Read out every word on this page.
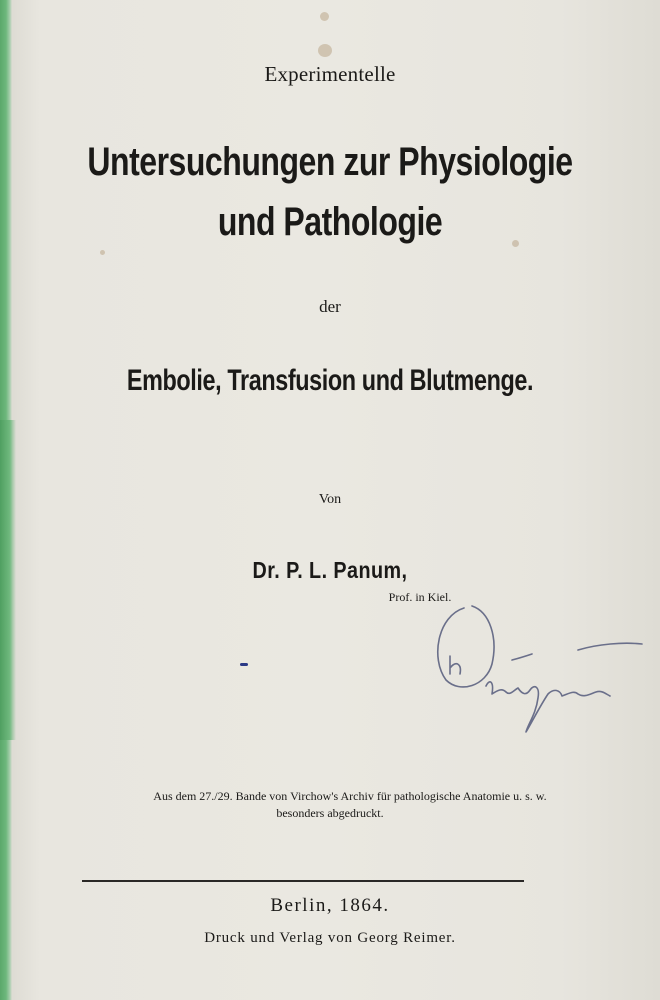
Experimentelle
Untersuchungen zur Physiologie
und Pathologie
der
Embolie, Transfusion und Blutmenge.
Von
Dr. P. L. Panum,
Prof. in Kiel.
Aus dem 27./29. Bande von Virchow's Archiv für pathologische Anatomie u. s. w.
besonders abgedruckt.
Berlin, 1864.
Druck und Verlag von Georg Reimer.
